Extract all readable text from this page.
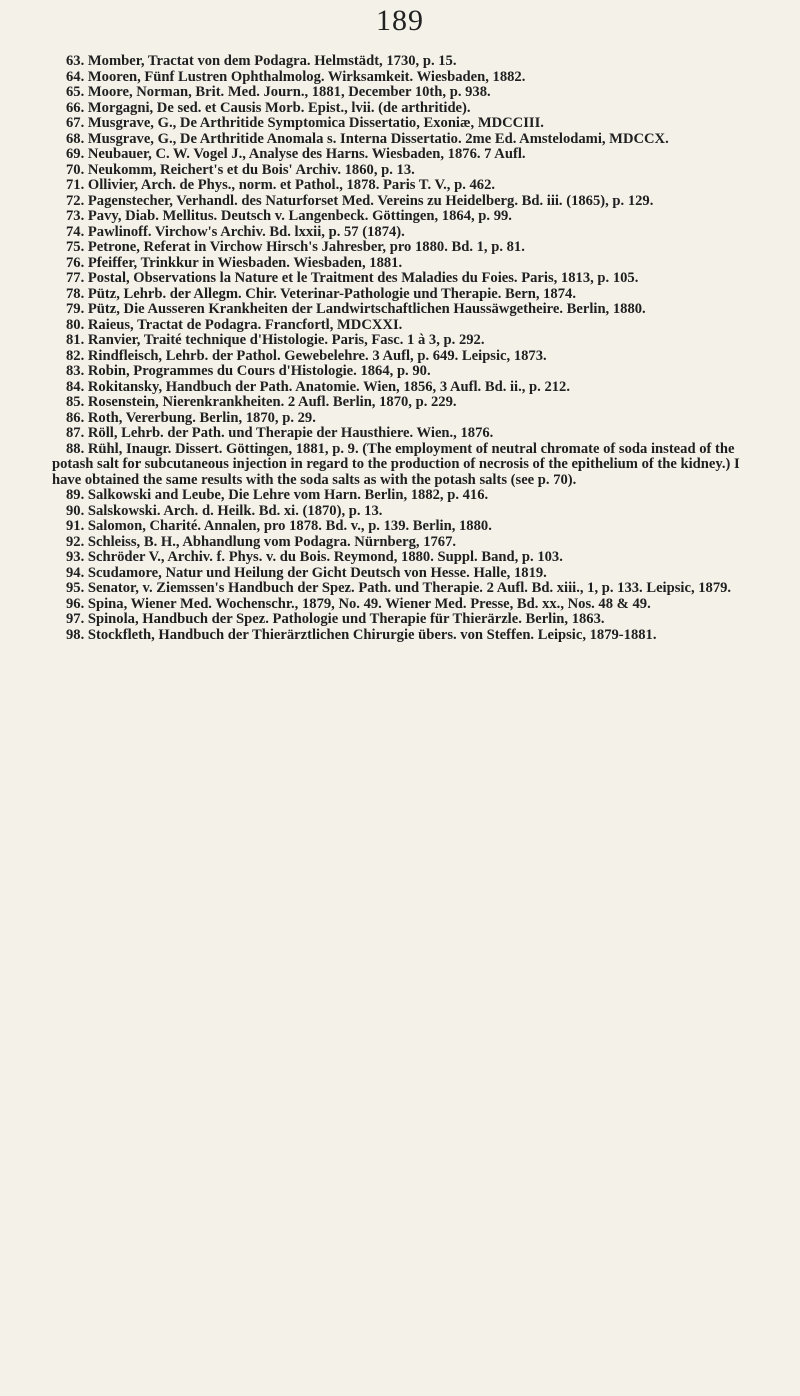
189

63. Momber, Tractat von dem Podagra. Helmstädt, 1730, p. 15.

64. Mooren, Fünf Lustren Ophthalmolog. Wirksamkeit. Wiesbaden, 1882.

65. Moore, Norman, Brit. Med. Journ., 1881, December 10th, p. 938.

66. Morgagni, De sed. et Causis Morb. Epist., lvii. (de arthritide).

67. Musgrave, G., De Arthritide Symptomica Dissertatio, Exoniæ, MDCCIII.

68. Musgrave, G., De Arthritide Anomala s. Interna Dissertatio. 2me Ed. Amstelodami, MDCCX.

69. Neubauer, C. W. Vogel J., Analyse des Harns. Wiesbaden, 1876. 7 Aufl.

70. Neukomm, Reichert's et du Bois' Archiv. 1860, p. 13.

71. Ollivier, Arch. de Phys., norm. et Pathol., 1878. Paris T. V., p. 462.

72. Pagenstecher, Verhandl. des Naturforset Med. Vereins zu Heidelberg. Bd. iii. (1865), p. 129.

73. Pavy, Diab. Mellitus. Deutsch v. Langenbeck. Göttingen, 1864, p. 99.

74. Pawlinoff. Virchow's Archiv. Bd. lxxii, p. 57 (1874).

75. Petrone, Referat in Virchow Hirsch's Jahresber, pro 1880. Bd. 1, p. 81.

76. Pfeiffer, Trinkkur in Wiesbaden. Wiesbaden, 1881.

77. Postal, Observations la Nature et le Traitment des Maladies du Foies. Paris, 1813, p. 105.

78. Pütz, Lehrb. der Allegm. Chir. Veterinar-Pathologie und Therapie. Bern, 1874.

79. Pütz, Die Ausseren Krankheiten der Landwirtschaftlichen Haussäwgetheire. Berlin, 1880.

80. Raieus, Tractat de Podagra. Francfortl, MDCXXI.

81. Ranvier, Traité technique d'Histologie. Paris, Fasc. 1 à 3, p. 292.

82. Rindfleisch, Lehrb. der Pathol. Gewebelehre. 3 Aufl, p. 649. Leipsic, 1873.

83. Robin, Programmes du Cours d'Histologie. 1864, p. 90.

84. Rokitansky, Handbuch der Path. Anatomie. Wien, 1856, 3 Aufl. Bd. ii., p. 212.

85. Rosenstein, Nierenkrankheiten. 2 Aufl. Berlin, 1870, p. 229.

86. Roth, Vererbung. Berlin, 1870, p. 29.

87. Röll, Lehrb. der Path. und Therapie der Hausthiere. Wien., 1876.

88. Rühl, Inaugr. Dissert. Göttingen, 1881, p. 9. (The employment of neutral chromate of soda instead of the potash salt for subcutaneous injection in regard to the production of necrosis of the epithelium of the kidney.) I have obtained the same results with the soda salts as with the potash salts (see p. 70).

89. Salkowski and Leube, Die Lehre vom Harn. Berlin, 1882, p. 416.

90. Salskowski. Arch. d. Heilk. Bd. xi. (1870), p. 13.

91. Salomon, Charité. Annalen, pro 1878. Bd. v., p. 139. Berlin, 1880.

92. Schleiss, B. H., Abhandlung vom Podagra. Nürnberg, 1767.

93. Schröder V., Archiv. f. Phys. v. du Bois. Reymond, 1880. Suppl. Band, p. 103.

94. Scudamore, Natur und Heilung der Gicht Deutsch von Hesse. Halle, 1819.

95. Senator, v. Ziemssen's Handbuch der Spez. Path. und Therapie. 2 Aufl. Bd. xiii., 1, p. 133. Leipsic, 1879.

96. Spina, Wiener Med. Wochenschr., 1879, No. 49. Wiener Med. Presse, Bd. xx., Nos. 48 & 49.

97. Spinola, Handbuch der Spez. Pathologie und Therapie für Thierärzle. Berlin, 1863.

98. Stockfleth, Handbuch der Thierärztlichen Chirurgie übers. von Steffen. Leipsic, 1879-1881.
